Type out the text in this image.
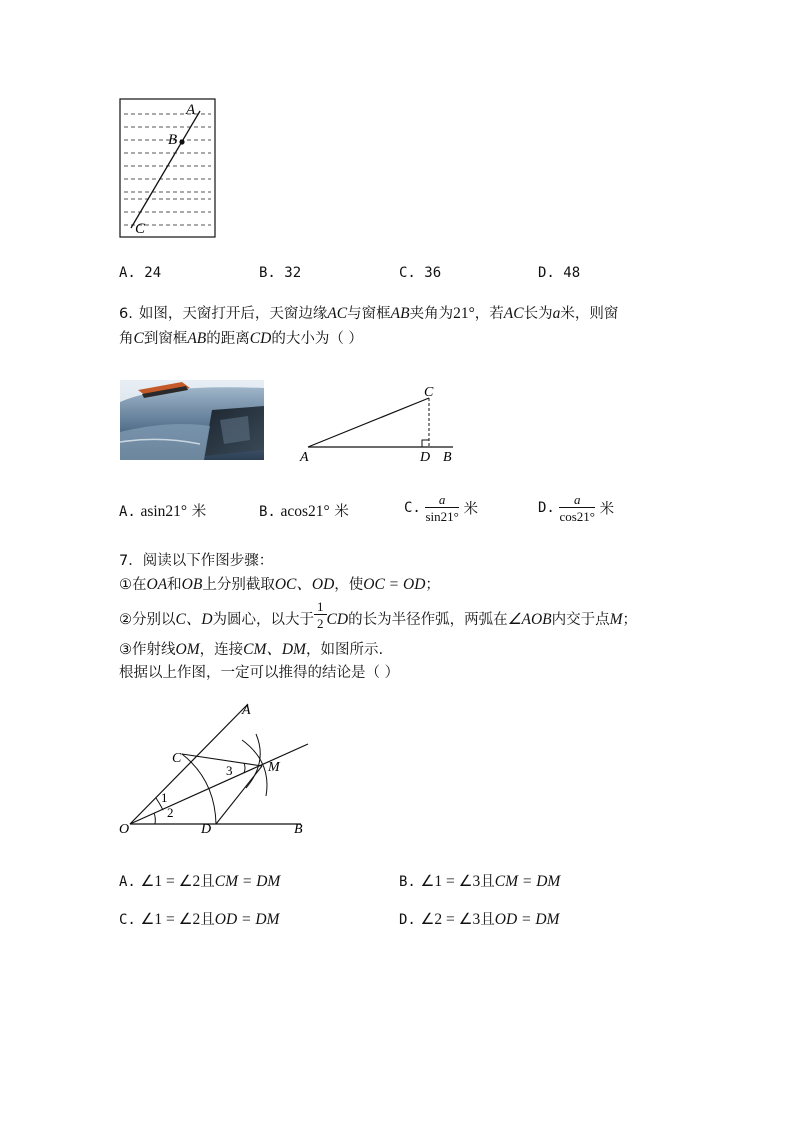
A
B
C
A. 24	B. 32	C. 36	D. 48
6. 如图，天窗打开后，天窗边缘AC与窗框AB夹角为21°，若AC长为a米，则窗
角C到窗框AB的距离CD的大小为（ ）
A
C
D B
A. asin21° 米	B. acos21° 米	C. $\frac{a}{\sin 21^\circ}$ 米	D. $\frac{a}{\cos 21^\circ}$ 米
7．阅读以下作图步骤：
①在OA和OB上分别截取OC、OD，使OC = OD；
②分别以C、D为圆心，以大于 $\frac{1}{2}$ CD的长为半径作弧，两弧在∠AOB内交于点M；
③作射线OM，连接CM、DM，如图所示.
根据以上作图，一定可以推得的结论是（ ）
A
C
M
O	D	B
1
2
3
A. ∠1 = ∠2且CM = DM	B. ∠1 = ∠3且CM = DM
C. ∠1 = ∠2且OD = DM	D. ∠2 = ∠3且OD = DM
